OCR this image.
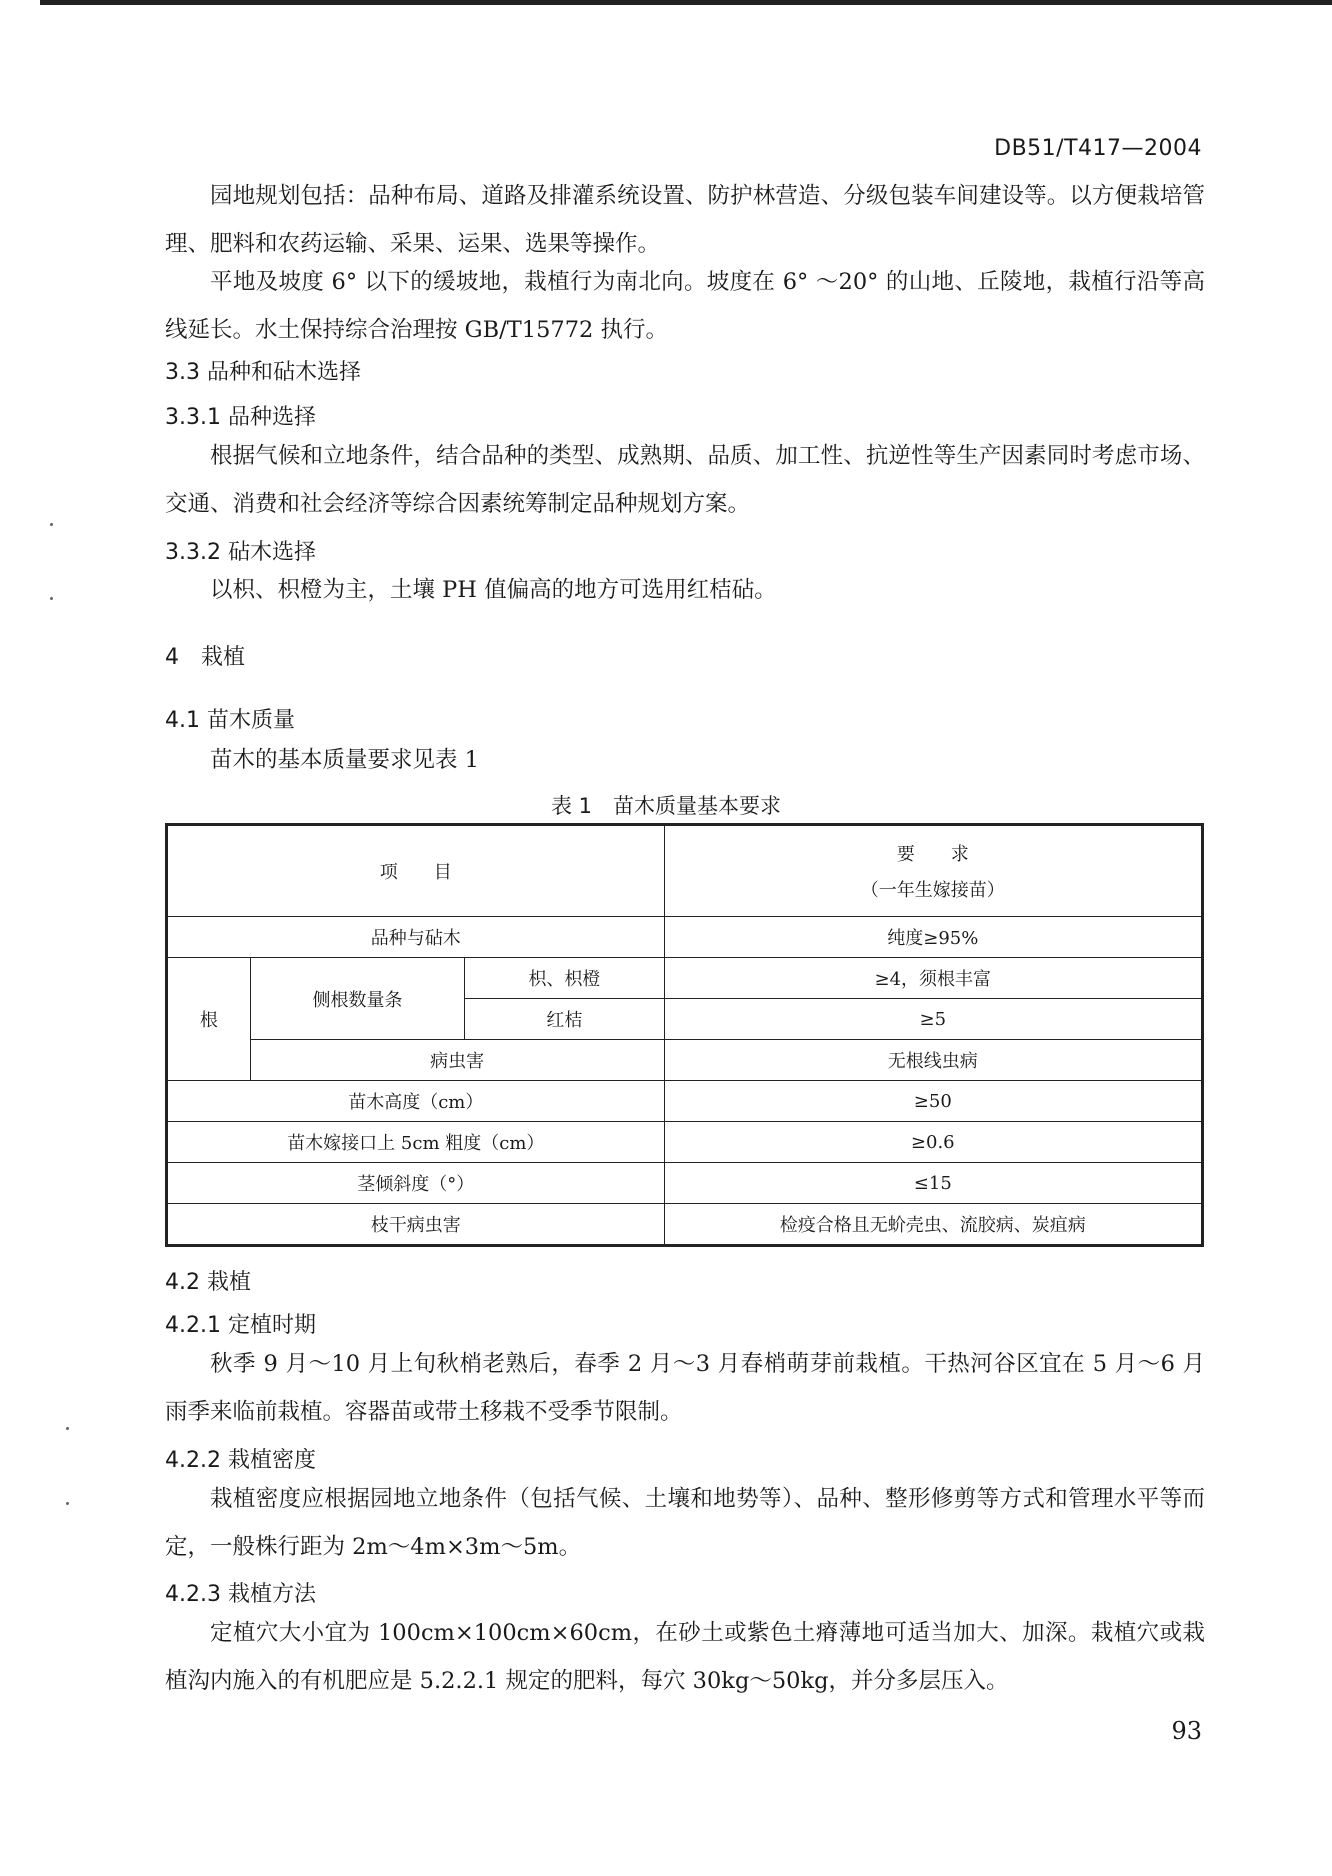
DB51/T417—2004

园地规划包括：品种布局、道路及排灌系统设置、防护林营造、分级包装车间建设等。以方便栽培管理、肥料和农药运输、采果、运果、选果等操作。

平地及坡度 6° 以下的缓坡地，栽植行为南北向。坡度在 6° ～20° 的山地、丘陵地，栽植行沿等高线延长。水土保持综合治理按 GB/T15772 执行。

3.3 品种和砧木选择

3.3.1 品种选择

根据气候和立地条件，结合品种的类型、成熟期、品质、加工性、抗逆性等生产因素同时考虑市场、交通、消费和社会经济等综合因素统筹制定品种规划方案。

3.3.2 砧木选择

以枳、枳橙为主，土壤 PH 值偏高的地方可选用红桔砧。

4　栽植

4.1 苗木质量

苗木的基本质量要求见表 1

表 1　苗木质量基本要求
项　　目			要　　求
（一年生嫁接苗）

品种与砧木			纯度≥95%
根	侧根数量条	枳、枳橙	≥4，须根丰富
		红桔	≥5
	病虫害		无根线虫病
苗木高度（cm）			≥50
苗木嫁接口上 5cm 粗度（cm）			≥0.6
茎倾斜度（°）			≤15
枝干病虫害			检疫合格且无蚧壳虫、流胶病、炭疽病

4.2 栽植

4.2.1 定植时期

秋季 9 月～10 月上旬秋梢老熟后，春季 2 月～3 月春梢萌芽前栽植。干热河谷区宜在 5 月～6 月雨季来临前栽植。容器苗或带土移栽不受季节限制。

4.2.2 栽植密度

栽植密度应根据园地立地条件（包括气候、土壤和地势等）、品种、整形修剪等方式和管理水平等而定，一般株行距为 2m～4m×3m～5m。

4.2.3 栽植方法

定植穴大小宜为 100cm×100cm×60cm，在砂土或紫色土瘠薄地可适当加大、加深。栽植穴或栽植沟内施入的有机肥应是 5.2.2.1 规定的肥料，每穴 30kg～50kg，并分多层压入。

93
